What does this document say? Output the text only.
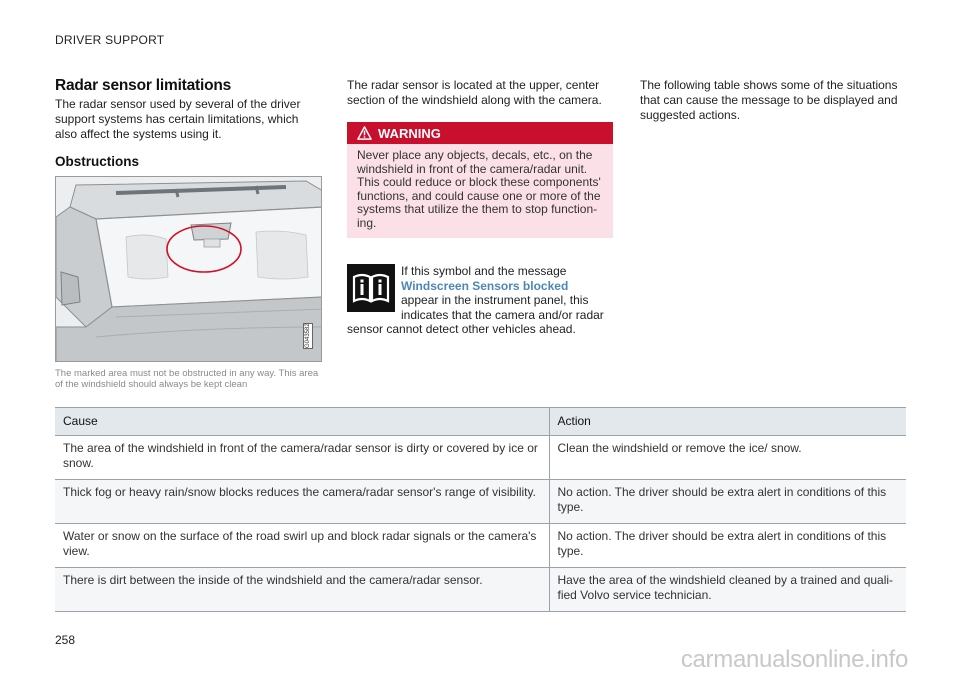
DRIVER SUPPORT
Radar sensor limitations

The radar sensor used by several of the driver support systems has certain limitations, which also affect the systems using it.

Obstructions
G043582
The marked area must not be obstructed in any way. This area of the windshield should always be kept clean

The radar sensor is located at the upper, center section of the windshield along with the camera.

WARNING
Never place any objects, decals, etc., on the windshield in front of the camera/radar unit. This could reduce or block these components' functions, and could cause one or more of the systems that utilize the them to stop function-ing.
If this symbol and the message
Windscreen Sensors blocked
appear in the instrument panel, this indicates that the camera and/or radar
sensor cannot detect other vehicles ahead.

The following table shows some of the situations that can cause the message to be displayed and suggested actions.

Cause	Action
The area of the windshield in front of the camera/radar sensor is dirty or covered by ice or snow.	Clean the windshield or remove the ice/ snow.
Thick fog or heavy rain/snow blocks reduces the camera/radar sensor's range of visibility.	No action. The driver should be extra alert in conditions of this type.
Water or snow on the surface of the road swirl up and block radar signals or the camera's view.	No action. The driver should be extra alert in conditions of this type.
There is dirt between the inside of the windshield and the camera/radar sensor.	Have the area of the windshield cleaned by a trained and quali-fied Volvo service technician.
258
carmanualsonline.info
